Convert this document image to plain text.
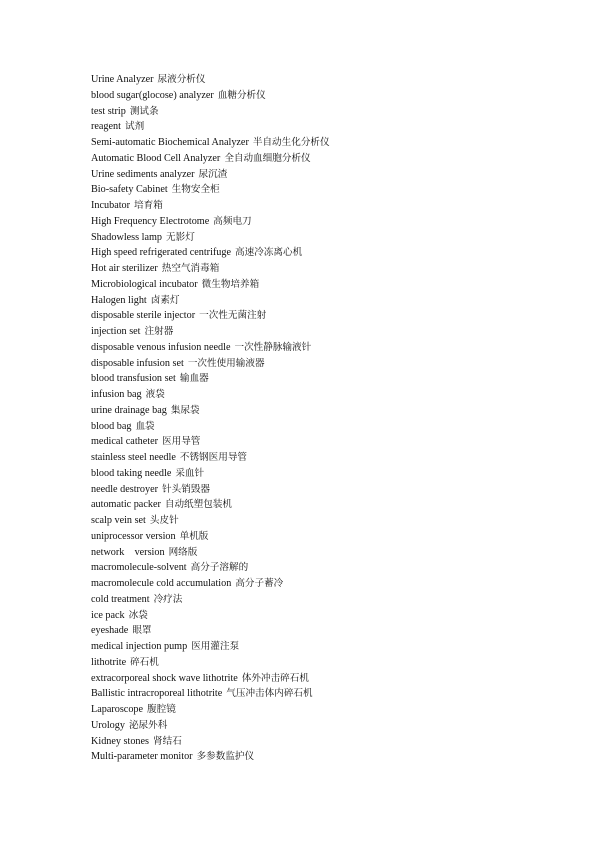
Urine Analyzer 尿液分析仪
blood sugar(glocose) analyzer 血糖分析仪
test strip 测试条
reagent 试剂
Semi-automatic Biochemical Analyzer 半自动生化分析仪
Automatic Blood Cell Analyzer 全自动血细胞分析仪
Urine sediments analyzer 尿沉渣
Bio-safety Cabinet 生物安全柜
Incubator 培育箱
High Frequency Electrotome 高频电刀
Shadowless lamp 无影灯
High speed refrigerated centrifuge 高速冷冻离心机
Hot air sterilizer 热空气消毒箱
Microbiological incubator 微生物培养箱
Halogen light 卤素灯
disposable sterile injector 一次性无菌注射
injection set 注射器
disposable venous infusion needle 一次性静脉输液针
disposable infusion set 一次性使用输液器
blood transfusion set 输血器
infusion bag 液袋
urine drainage bag 集尿袋
blood bag 血袋
medical catheter 医用导管
stainless steel needle 不锈钢医用导管
blood taking needle 采血针
needle destroyer 针头销毁器
automatic packer 自动纸塑包装机
scalp vein set 头皮针
uniprocessor version 单机版
network    version 网络版
macromolecule-solvent 高分子溶解的
macromolecule cold accumulation 高分子蓄冷
cold treatment 冷疗法
ice pack 冰袋
eyeshade 眼罩
medical injection pump 医用灌注泵
lithotrite 碎石机
extracorporeal shock wave lithotrite 体外冲击碎石机
Ballistic intracroporeal lithotrite 气压冲击体内碎石机
Laparoscope 腹腔镜
Urology 泌尿外科
Kidney stones 肾结石
Multi-parameter monitor 多参数监护仪
